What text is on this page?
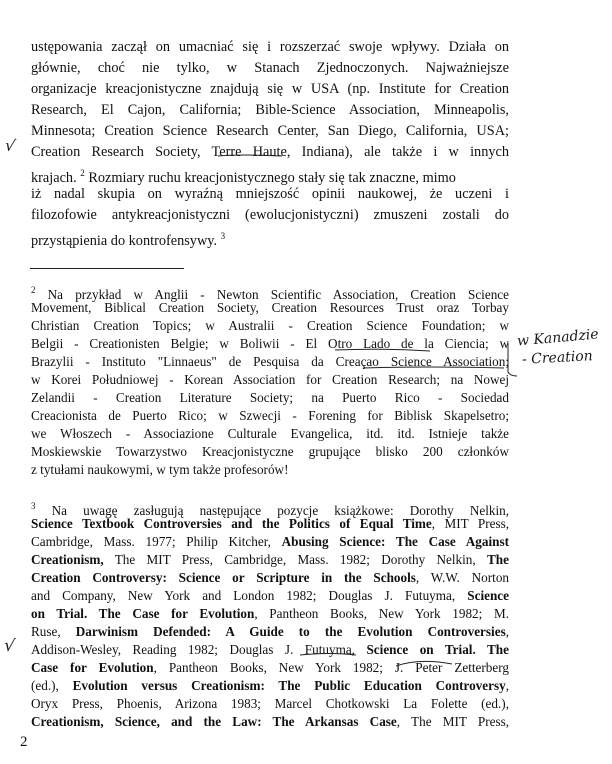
ustępowania zaczął on umacniać się i rozszerzać swoje wpływy. Działa on
głównie, choć nie tylko, w Stanach Zjednoczonych. Najważniejsze
organizacje kreacjonistyczne znajdują się w USA (np. Institute for Creation
Research, El Cajon, California; Bible-Science Association, Minneapolis,
Minnesota; Creation Science Research Center, San Diego, California, USA;
Creation Research Society, Terre Haute, Indiana), ale także i w innych
krajach. $^2$ Rozmiary ruchu kreacjonistycznego stały się tak znaczne, mimo
iż nadal skupia on wyraźną mniejszość opinii naukowej, że uczeni i
filozofowie antykreacjonistyczni (ewolucjonistyczni) zmuszeni zostali do
przystąpienia do kontrofensywy. $^3$
$^2$ Na przykład w Anglii - Newton Scientific Association, Creation Science
Movement, Biblical Creation Society, Creation Resources Trust oraz Torbay
Christian Creation Topics; w Australii - Creation Science Foundation; w
Belgii - Creationisten Belgie; w Boliwii - El Otro Lado de la Ciencia; w
Brazylii - Instituto "Linnaeus" de Pesquisa da Creaçao Science Association;
w Korei Południowej - Korean Association for Creation Research; na Nowej
Zelandii - Creation Literature Society; na Puerto Rico - Sociedad
Creacionista de Puerto Rico; w Szwecji - Forening for Biblisk Skapelsetro;
we Włoszech - Associazione Culturale Evangelica, itd. itd. Istnieje także
Moskiewskie Towarzystwo Kreacjonistyczne grupujące blisko 200 członków
z tytułami naukowymi, w tym także profesorów!
$^3$ Na uwagę zasługują następujące pozycje książkowe: Dorothy Nelkin,
Science Textbook Controversies and the Politics of Equal Time, MIT Press,
Cambridge, Mass. 1977; Philip Kitcher, Abusing Science: The Case Against
Creationism, The MIT Press, Cambridge, Mass. 1982; Dorothy Nelkin, The
Creation Controversy: Science or Scripture in the Schools, W.W. Norton
and Company, New York and London 1982; Douglas J. Futuyma, Science
on Trial. The Case for Evolution, Pantheon Books, New York 1982; M.
Ruse, Darwinism Defended: A Guide to the Evolution Controversies,
Addison-Wesley, Reading 1982; Douglas J. Futuyma, Science on Trial. The
Case for Evolution, Pantheon Books, New York 1982; J. Peter Zetterberg
(ed.), Evolution versus Creationism: The Public Education Controversy,
Oryx Press, Phoenis, Arizona 1983; Marcel Chotkowski La Folette (ed.),
Creationism, Science, and the Law: The Arkansas Case, The MIT Press,
2
√
√
w Kanadzie
- Creation
